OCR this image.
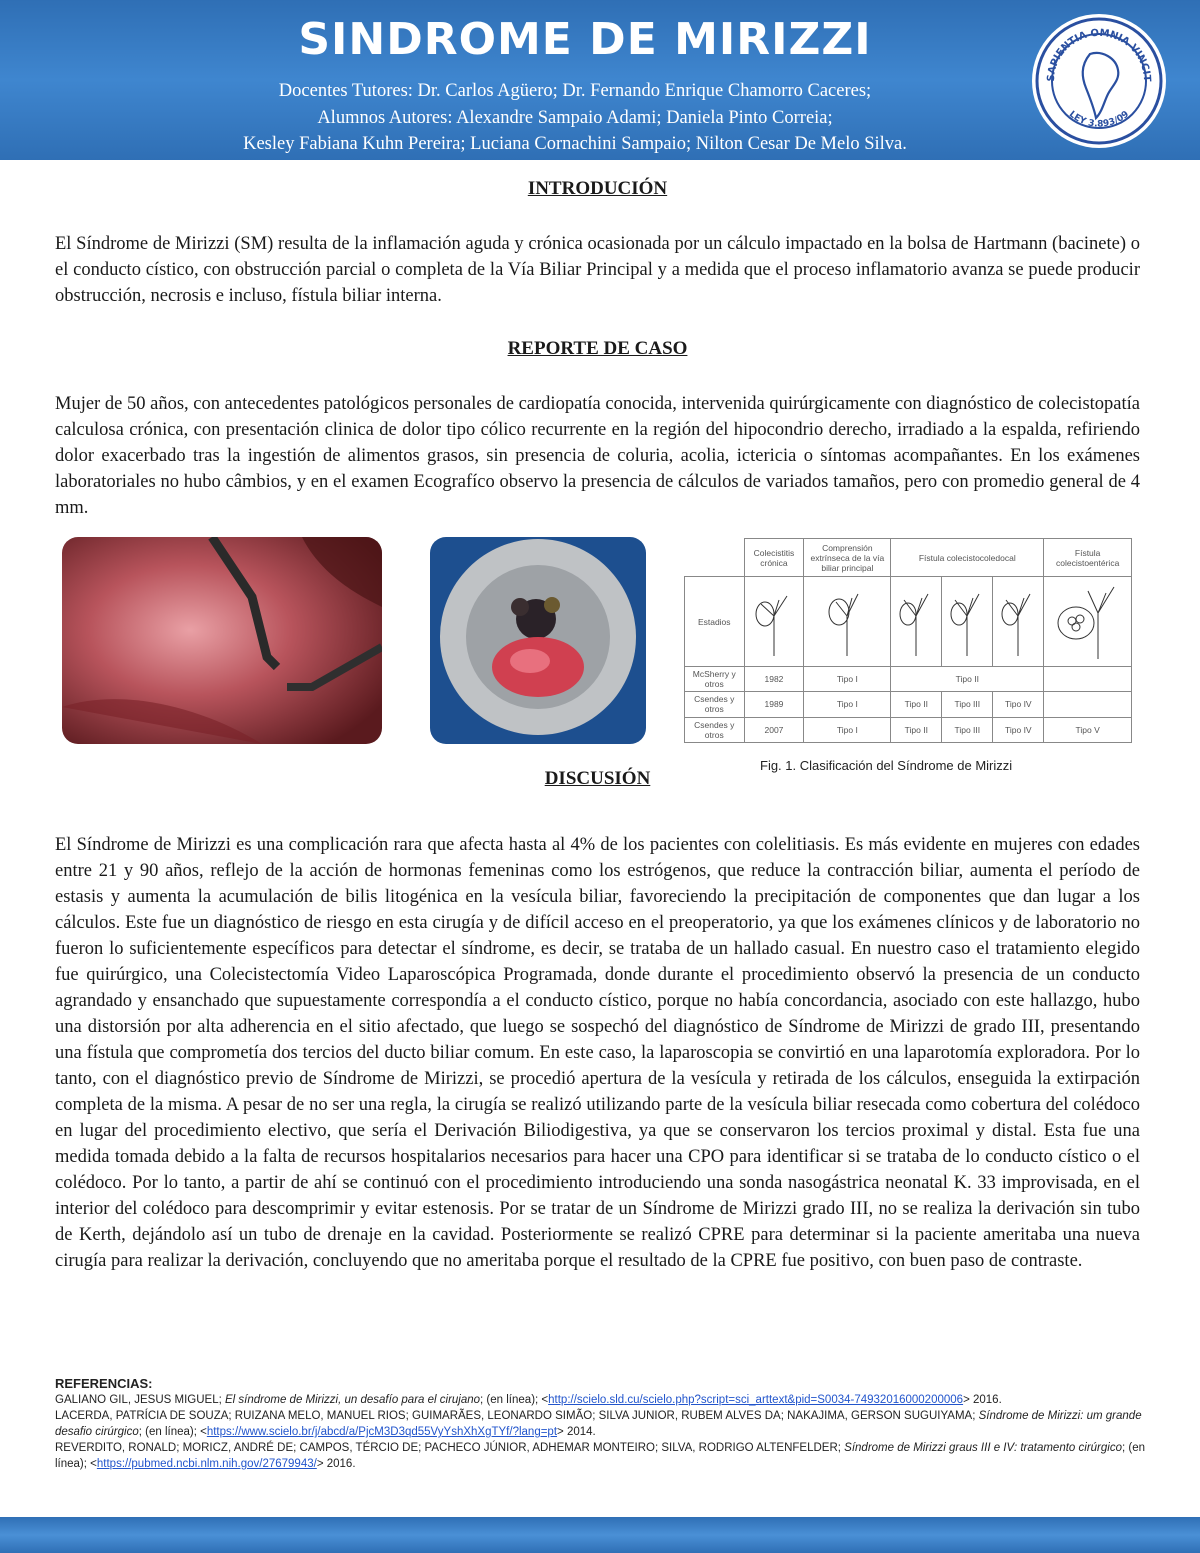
SINDROME DE MIRIZZI
Docentes Tutores: Dr. Carlos Agüero; Dr. Fernando Enrique Chamorro Caceres;
Alumnos Autores: Alexandre Sampaio Adami; Daniela Pinto Correia;
Kesley Fabiana Kuhn Pereira; Luciana Cornachini Sampaio; Nilton Cesar De Melo Silva.
SAPIENTIA OMNIA VINCIT
LEY 3.893/09
INTRODUCIÓN

El Síndrome de Mirizzi (SM) resulta de la inflamación aguda y crónica ocasionada por un cálculo impactado en la bolsa de Hartmann (bacinete) o el conducto cístico, con obstrucción parcial o completa de la Vía Biliar Principal y a medida que el proceso inflamatorio avanza se puede producir obstrucción, necrosis e incluso, fístula biliar interna.

REPORTE DE CASO

Mujer de 50 años, con antecedentes patológicos personales de cardiopatía conocida, intervenida quirúrgicamente con diagnóstico de colecistopatía calculosa crónica, con presentación clinica de dolor tipo cólico recurrente en la región del hipocondrio derecho, irradiado a la espalda, refiriendo dolor exacerbado tras la ingestión de alimentos grasos, sin presencia de coluria, acolia, ictericia o síntomas acompañantes. En los exámenes laboratoriales no hubo câmbios, y en el examen Ecografíco observo la presencia de cálculos de variados tamaños, pero con promedio general de 4 mm.

	Colecistitis crónica	Comprensión extrínseca de la vía biliar principal	Fístula colecistocoledocal			Fístula colecistoentérica
Estadios						
McSherry y otros	1982	Tipo I	Tipo II			
Csendes y otros	1989	Tipo I	Tipo II	Tipo III	Tipo IV	
Csendes y otros	2007	Tipo I	Tipo II	Tipo III	Tipo IV	Tipo V
Fig. 1. Clasificación del Síndrome de Mirizzi
DISCUSIÓN

El Síndrome de Mirizzi es una complicación rara que afecta hasta al 4% de los pacientes con colelitiasis. Es más evidente en mujeres con edades entre 21 y 90 años, reflejo de la acción de hormonas femeninas como los estrógenos, que reduce la contracción biliar, aumenta el período de estasis y aumenta la acumulación de bilis litogénica en la vesícula biliar, favoreciendo la precipitación de componentes que dan lugar a los cálculos. Este fue un diagnóstico de riesgo en esta cirugía y de difícil acceso en el preoperatorio, ya que los exámenes clínicos y de laboratorio no fueron lo suficientemente específicos para detectar el síndrome, es decir, se trataba de un hallado casual. En nuestro caso el tratamiento elegido fue quirúrgico, una Colecistectomía Video Laparoscópica Programada, donde durante el procedimiento observó la presencia de un conducto agrandado y ensanchado que supuestamente correspondía a el conducto cístico, porque no había concordancia, asociado con este hallazgo, hubo una distorsión por alta adherencia en el sitio afectado, que luego se sospechó del diagnóstico de Síndrome de Mirizzi de grado III, presentando una fístula que comprometía dos tercios del ducto biliar comum. En este caso, la laparoscopia se convirtió en una laparotomía exploradora. Por lo tanto, con el diagnóstico previo de Síndrome de Mirizzi, se procedió apertura de la vesícula y retirada de los cálculos, enseguida la extirpación completa de la misma. A pesar de no ser una regla, la cirugía se realizó utilizando parte de la vesícula biliar resecada como cobertura del colédoco en lugar del procedimiento electivo, que sería el Derivación Biliodigestiva, ya que se conservaron los tercios proximal y distal. Esta fue una medida tomada debido a la falta de recursos hospitalarios necesarios para hacer una CPO para identificar si se trataba de lo conducto cístico o el colédoco. Por lo tanto, a partir de ahí se continuó con el procedimiento introduciendo una sonda nasogástrica neonatal K. 33 improvisada, en el interior del colédoco para descomprimir y evitar estenosis. Por se tratar de un Síndrome de Mirizzi grado III, no se realiza la derivación sin tubo de Kerth, dejándolo así un tubo de drenaje en la cavidad. Posteriormente se realizó CPRE para determinar si la paciente ameritaba una nueva cirugía para realizar la derivación, concluyendo que no ameritaba porque el resultado de la CPRE fue positivo, con buen paso de contraste.

REFERENCIAS:
GALIANO GIL, JESUS MIGUEL; El síndrome de Mirizzi, un desafío para el cirujano; (en línea); <http://scielo.sld.cu/scielo.php?script=sci_arttext&pid=S0034-74932016000200006> 2016.
LACERDA, PATRÍCIA DE SOUZA; RUIZANA MELO, MANUEL RIOS; GUIMARÃES, LEONARDO SIMÃO; SILVA JUNIOR, RUBEM ALVES DA; NAKAJIMA, GERSON SUGUIYAMA; Síndrome de Mirizzi: um grande desafio cirúrgico; (en línea); <https://www.scielo.br/j/abcd/a/PjcM3D3qd55VyYshXhXgTYf/?lang=pt> 2014.
REVERDITO, RONALD; MORICZ, ANDRÉ DE; CAMPOS, TÉRCIO DE; PACHECO JÚNIOR, ADHEMAR MONTEIRO; SILVA, RODRIGO ALTENFELDER; Síndrome de Mirizzi graus III e IV: tratamento cirúrgico; (en línea); <https://pubmed.ncbi.nlm.nih.gov/27679943/> 2016.
